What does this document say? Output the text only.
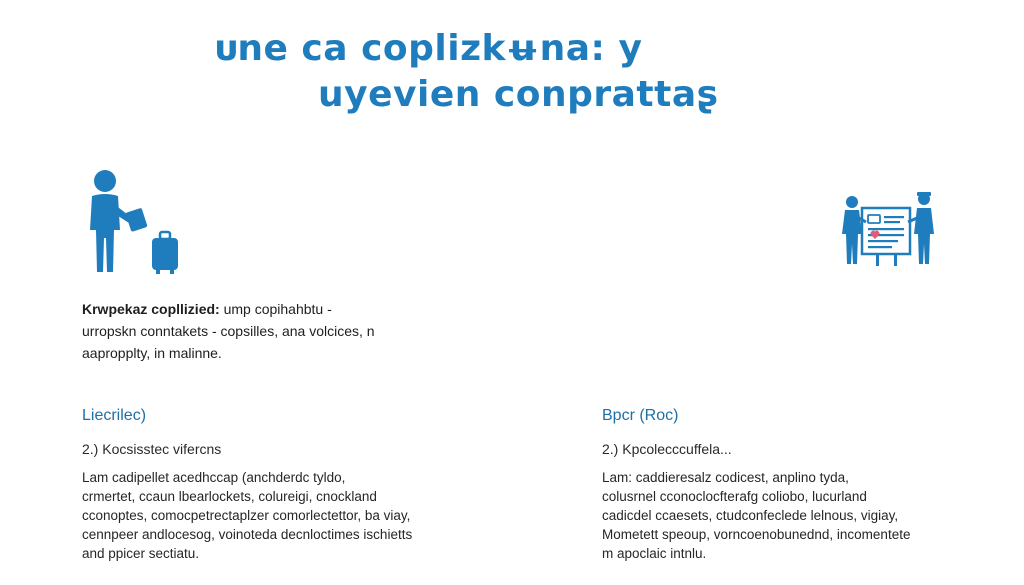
ᴜne ca coplizkʉna: y
uyevien conprattaʂ
Krwpekaz copllizied: ump copihahbtu -
urropskn conntakets - copsilles, ana volcices, n
aapropplty, in malinne.
Liecrilec)
2.) Kocsisstec vifercns
Lam cadipellet acedhccap (anchderdc tyldo,
crmertet, ccaun lbearlockets, colureigi, cnockland
cconoptes, comocpetrectaplzer comorlectettor, ba viay,
cennpeer andlocesog, voinoteda decnloctimes ischietts
and ppicer sectiatu.
Bpcr (Roc)
2.) Kpcolecccuffela...
Lam: caddieresalz codicest, anplino tyda,
colusrnel cconoclocfterafg coliobo, lucurland
cadicdel ccaesets, ctudconfeclede lelnous, vigiay,
Mometett speoup, vorncoenobunednd, incomentete
m apoclaic intnlu.
